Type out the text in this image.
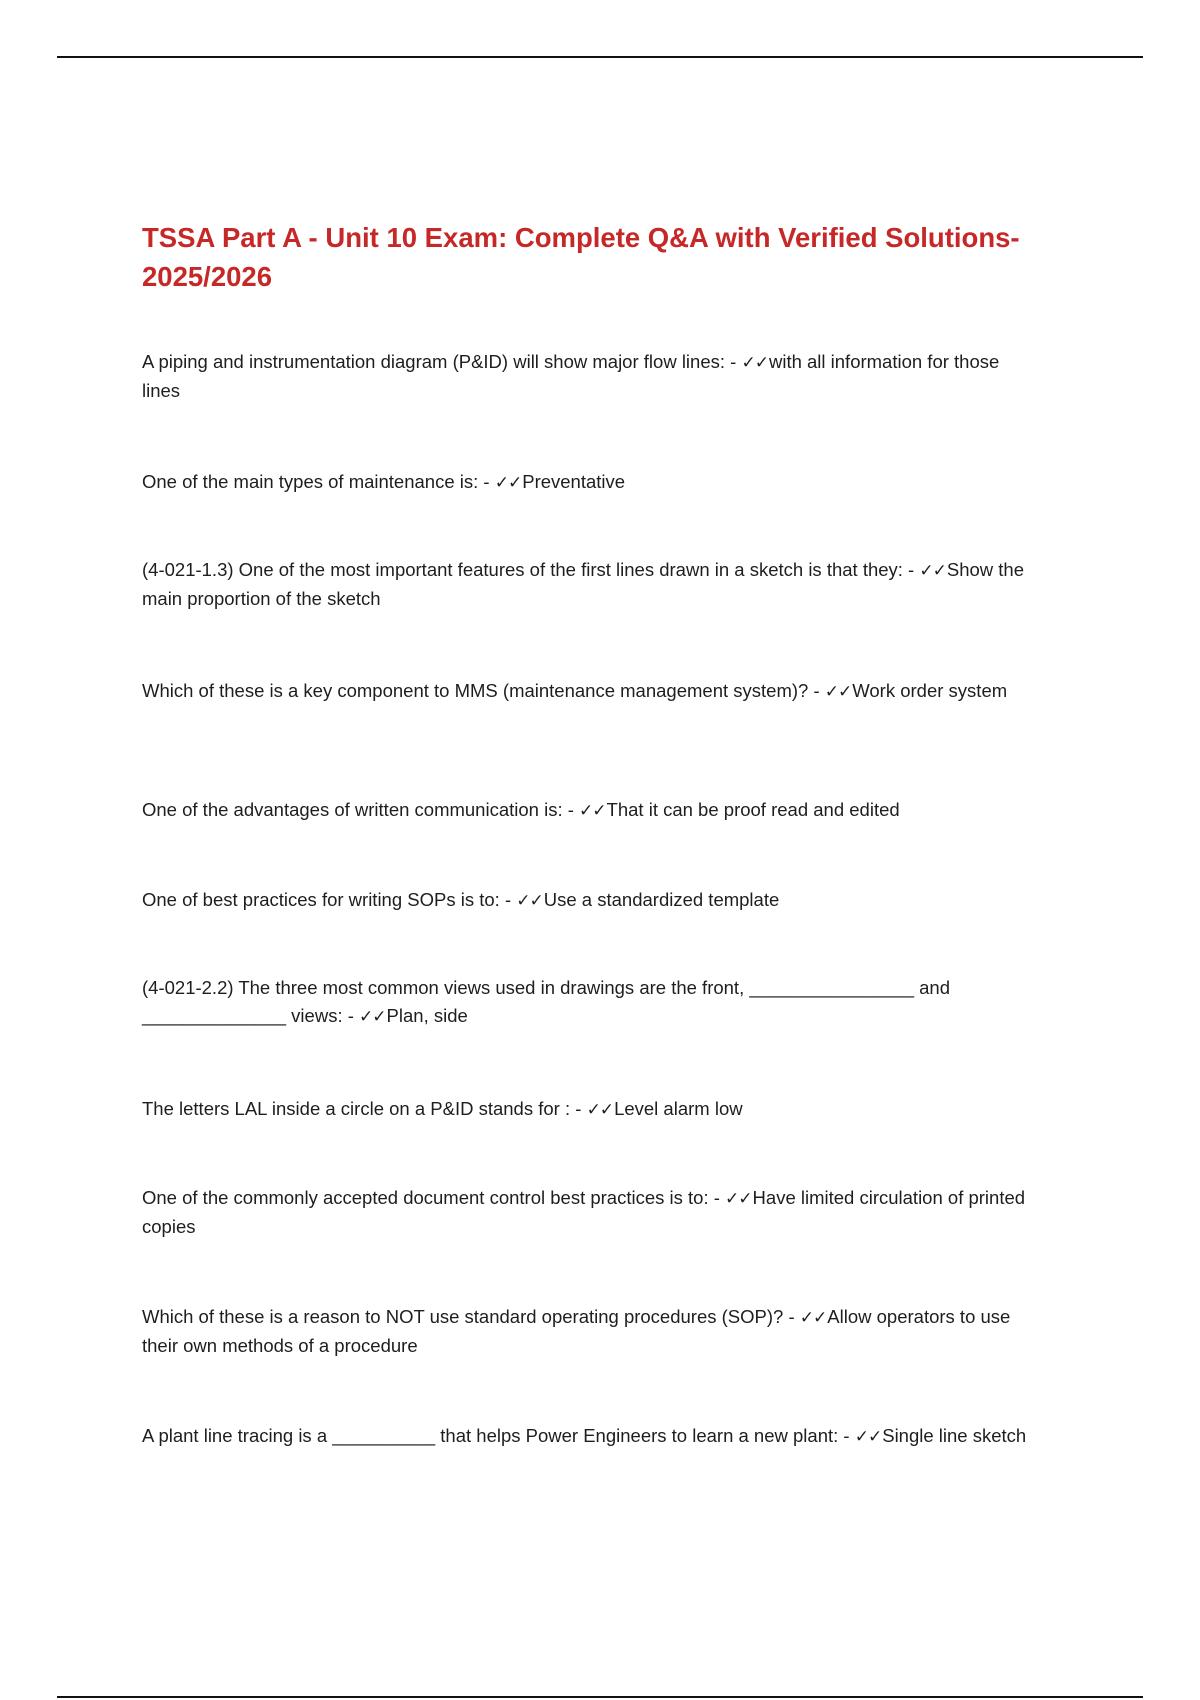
TSSA Part A - Unit 10 Exam: Complete Q&A with Verified Solutions-2025/2026
A piping and instrumentation diagram (P&ID) will show major flow lines: - ✓✓with all information for those lines
One of the main types of maintenance is: - ✓✓Preventative
(4-021-1.3) One of the most important features of the first lines drawn in a sketch is that they: - ✓✓Show the main proportion of the sketch
Which of these is a key component to MMS (maintenance management system)? - ✓✓Work order system
One of the advantages of written communication is: - ✓✓That it can be proof read and edited
One of best practices for writing SOPs is to: - ✓✓Use a standardized template
(4-021-2.2) The three most common views used in drawings are the front, ________________ and ______________ views: - ✓✓Plan, side
The letters LAL inside a circle on a P&ID stands for : - ✓✓Level alarm low
One of the commonly accepted document control best practices is to: - ✓✓Have limited circulation of printed copies
Which of these is a reason to NOT use standard operating procedures (SOP)? - ✓✓Allow operators to use their own methods of a procedure
A plant line tracing is a __________ that helps Power Engineers to learn a new plant: - ✓✓Single line sketch
